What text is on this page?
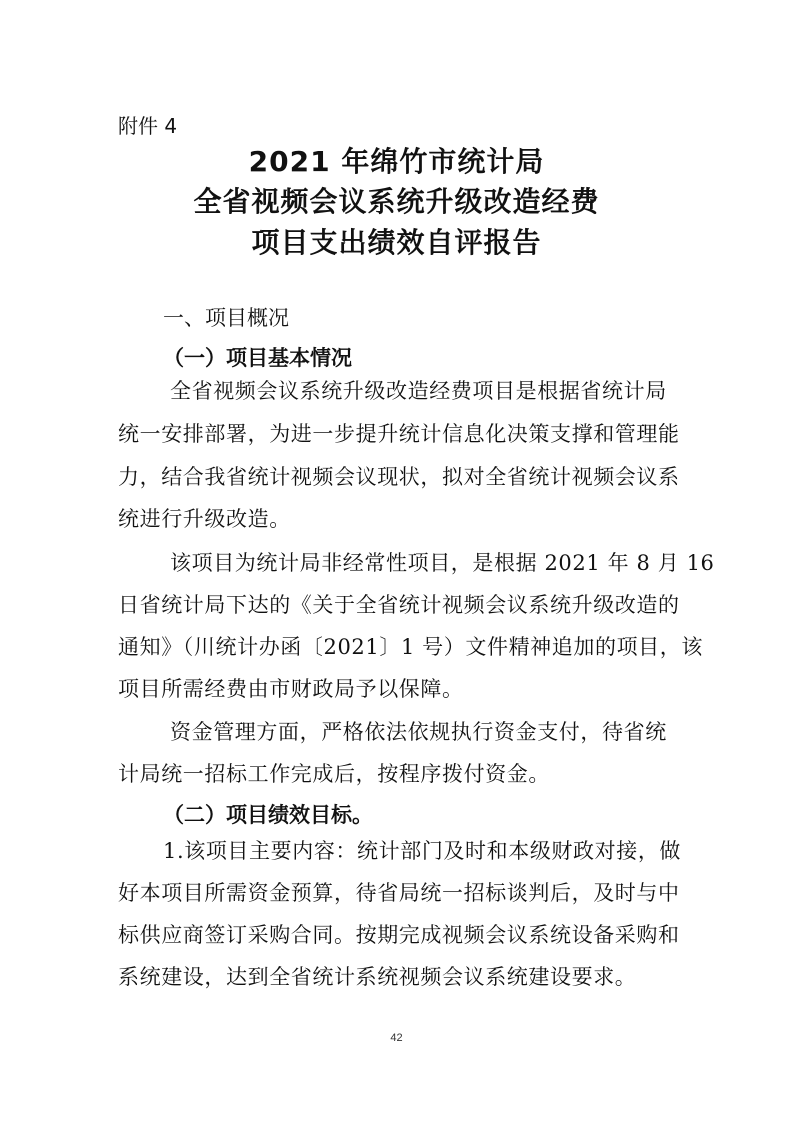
附件 4
2021 年绵竹市统计局
全省视频会议系统升级改造经费
项目支出绩效自评报告
一、项目概况
（一）项目基本情况
全省视频会议系统升级改造经费项目是根据省统计局
统一安排部署，为进一步提升统计信息化决策支撑和管理能
力，结合我省统计视频会议现状，拟对全省统计视频会议系
统进行升级改造。
该项目为统计局非经常性项目，是根据 2021 年 8 月 16
日省统计局下达的《关于全省统计视频会议系统升级改造的
通知》（川统计办函〔2021〕1 号）文件精神追加的项目，该
项目所需经费由市财政局予以保障。
资金管理方面，严格依法依规执行资金支付，待省统
计局统一招标工作完成后，按程序拨付资金。
（二）项目绩效目标。
1.该项目主要内容：统计部门及时和本级财政对接，做
好本项目所需资金预算，待省局统一招标谈判后，及时与中
标供应商签订采购合同。按期完成视频会议系统设备采购和
系统建设，达到全省统计系统视频会议系统建设要求。
42
